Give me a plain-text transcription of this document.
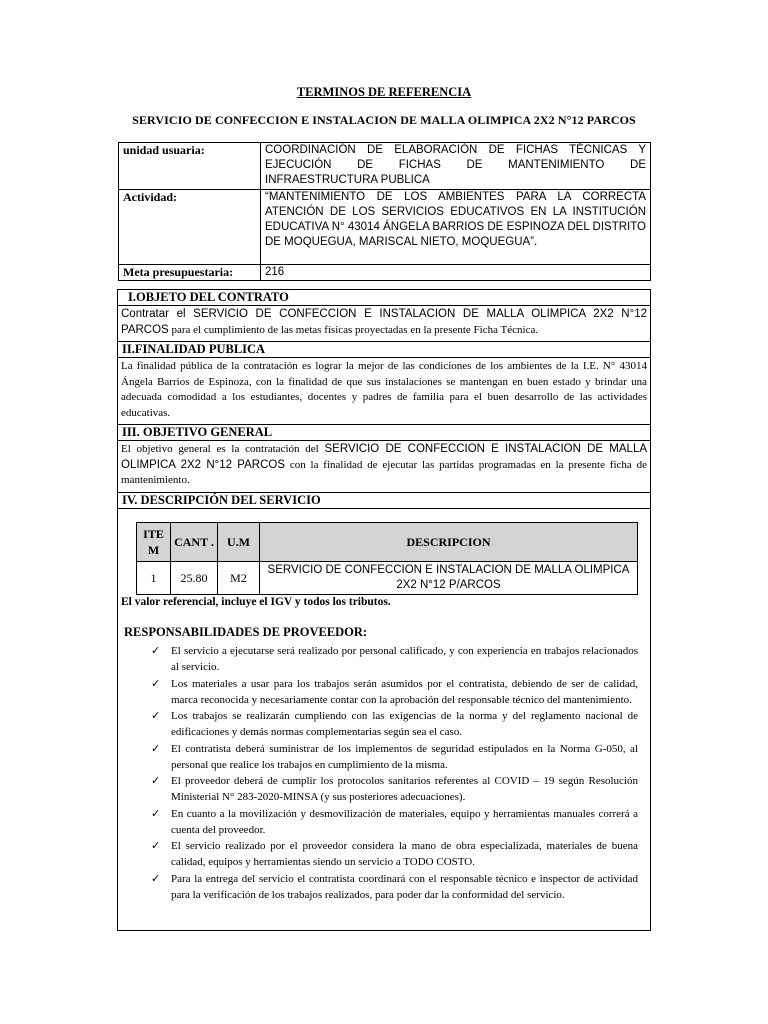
TERMINOS DE REFERENCIA
SERVICIO DE CONFECCION E INSTALACION DE MALLA OLIMPICA 2X2 N°12 PARCOS
unidad usuaria:	COORDINACIÓN DE ELABORACIÓN DE FICHAS TÉCNICAS Y EJECUCIÓN DE FICHAS DE MANTENIMIENTO DE INFRAESTRUCTURA PUBLICA
Actividad:	“MANTENIMIENTO DE LOS AMBIENTES PARA LA CORRECTA ATENCIÓN DE LOS SERVICIOS EDUCATIVOS EN LA INSTITUCIÓN EDUCATIVA N° 43014 ÁNGELA BARRIOS DE ESPINOZA DEL DISTRITO DE MOQUEGUA, MARISCAL NIETO, MOQUEGUA”.
Meta presupuestaria:	216
I.OBJETO DEL CONTRATO
Contratar el SERVICIO DE CONFECCION E INSTALACION DE MALLA OLIMPICA 2X2 N°12 PARCOS para el cumplimiento de las metas físicas proyectadas en la presente Ficha Técnica.
II.FINALIDAD PUBLICA
La finalidad pública de la contratación es lograr la mejor de las condiciones de los ambientes de la I.E. N° 43014 Ángela Barrios de Espinoza, con la finalidad de que sus instalaciones se mantengan en buen estado y brindar una adecuada comodidad a los estudiantes, docentes y padres de familia para el buen desarrollo de las actividades educativas.
III. OBJETIVO GENERAL
El objetivo general es la contratación del SERVICIO DE CONFECCION E INSTALACION DE MALLA OLIMPICA 2X2 N°12 PARCOS con la finalidad de ejecutar las partidas programadas en la presente ficha de mantenimiento.
IV. DESCRIPCIÓN DEL SERVICIO
ITE M	CANT .	U.M	DESCRIPCION
1	25.80	M2	SERVICIO DE CONFECCION E INSTALACION DE MALLA OLIMPICA 2X2 N°12 P/ARCOS
El valor referencial, incluye el IGV y todos los tributos.
RESPONSABILIDADES DE PROVEEDOR:
✓ El servicio a ejecutarse será realizado por personal calificado, y con experiencia en trabajos relacionados al servicio.
✓ Los materiales a usar para los trabajos serán asumidos por el contratista, debiendo de ser de calidad, marca reconocida y necesariamente contar con la aprobación del responsable técnico del mantenimiento.
✓ Los trabajos se realizarán cumpliendo con las exigencias de la norma y del reglamento nacional de edificaciones y demás normas complementarias según sea el caso.
✓ El contratista deberá suministrar de los implementos de seguridad estipulados en la Norma G-050, al personal que realice los trabajos en cumplimiento de la misma.
✓ El proveedor deberá de cumplir los protocolos sanitarios referentes al COVID – 19 según Resolución Ministerial N° 283-2020-MINSA (y sus posteriores adecuaciones).
✓ En cuanto a la movilización y desmovilización de materiales, equipo y herramientas manuales correrá a cuenta del proveedor.
✓ El servicio realizado por el proveedor considera la mano de obra especializada, materiales de buena calidad, equipos y herramientas siendo un servicio a TODO COSTO.
✓ Para la entrega del servicio el contratista coordinará con el responsable técnico e inspector de actividad para la verificación de los trabajos realizados, para poder dar la conformidad del servicio.
